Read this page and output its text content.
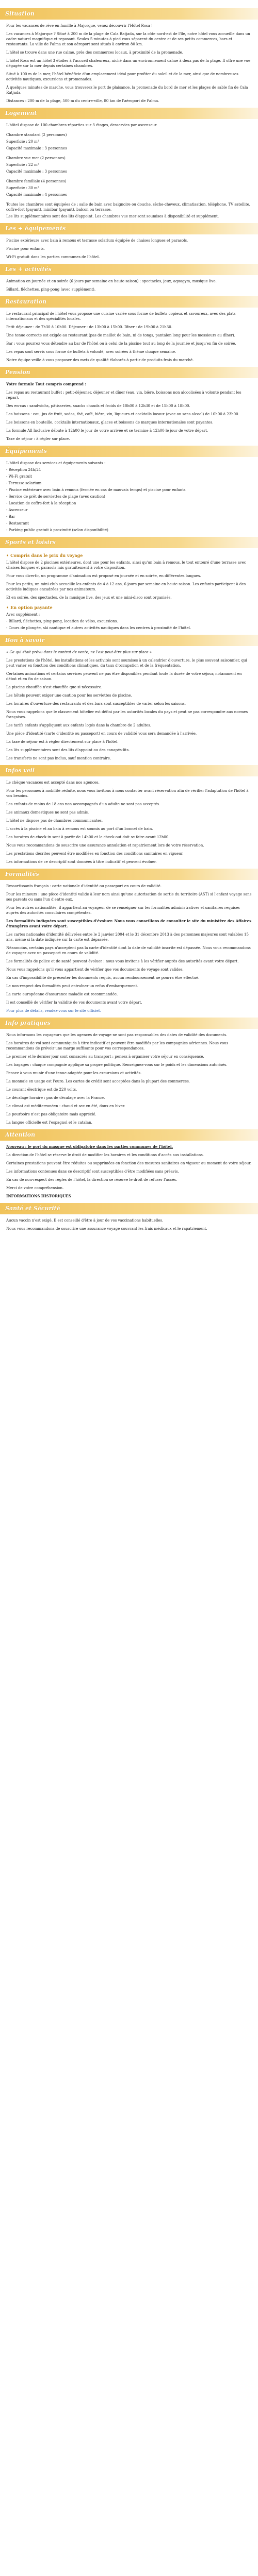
Situation

Pour les vacances de rêve en famille à Majorque, venez découvrir l'Hôtel Rosa !

Les vacances à Majorque ? Situé à 200 m de la plage de Cala Ratjada, sur la côte nord-est de l'île, notre hôtel vous accueille dans un cadre naturel magnifique et reposant. Seules 5 minutes à pied vous séparent du centre et de ses petits commerces, bars et restaurants. La ville de Palma et son aéroport sont situés à environ 80 km.

L'hôtel se trouve dans une rue calme, près des commerces locaux, à proximité de la promenade.

L'hôtel Rosa est un hôtel 3 étoiles à l'accueil chaleureux, niché dans un environnement calme à deux pas de la plage. Il offre une vue dégagée sur la mer depuis certaines chambres.

Situé à 100 m de la mer, l'hôtel bénéficie d'un emplacement idéal pour profiter du soleil et de la mer, ainsi que de nombreuses activités nautiques, excursions et promenades.

À quelques minutes de marche, vous trouverez le port de plaisance, la promenade du bord de mer et les plages de sable fin de Cala Ratjada.

Distances : 200 m de la plage, 500 m du centre-ville, 80 km de l'aéroport de Palma.

Logement

L'hôtel dispose de 100 chambres réparties sur 3 étages, desservies par ascenseur.

Chambre standard (2 personnes)

Superficie : 20 m²

Capacité maximale : 3 personnes

Chambre vue mer (2 personnes)

Superficie : 22 m²

Capacité maximale : 3 personnes

Chambre familiale (4 personnes)

Superficie : 30 m²

Capacité maximale : 4 personnes

Toutes les chambres sont équipées de : salle de bain avec baignoire ou douche, sèche-cheveux, climatisation, téléphone, TV satellite, coffre-fort (payant), minibar (payant), balcon ou terrasse.

Les lits supplémentaires sont des lits d'appoint. Les chambres vue mer sont soumises à disponibilité et supplément.

Les + équipements

Piscine extérieure avec bain à remous et terrasse solarium équipée de chaises longues et parasols.

Piscine pour enfants.

Wi-Fi gratuit dans les parties communes de l'hôtel.

Les + activités

Animation en journée et en soirée (6 jours par semaine en haute saison) : spectacles, jeux, aquagym, musique live.

Billard, fléchettes, ping-pong (avec supplément).

Restauration

Le restaurant principal de l'hôtel vous propose une cuisine variée sous forme de buffets copieux et savoureux, avec des plats internationaux et des spécialités locales.

Petit déjeuner : de 7h30 à 10h00. Déjeuner : de 13h00 à 15h00. Dîner : de 19h00 à 21h30.

Une tenue correcte est exigée au restaurant (pas de maillot de bain, ni de tongs, pantalon long pour les messieurs au dîner).

Bar : vous pourrez vous détendre au bar de l'hôtel ou à celui de la piscine tout au long de la journée et jusqu'en fin de soirée.

Les repas sont servis sous forme de buffets à volonté, avec soirées à thème chaque semaine.

Notre équipe veille à vous proposer des mets de qualité élaborés à partir de produits frais du marché.

Pension

Votre formule Tout compris comprend :

Les repas au restaurant buffet : petit-déjeuner, déjeuner et dîner (eau, vin, bière, boissons non alcoolisées à volonté pendant les repas).

Des en-cas : sandwichs, pâtisseries, snacks chauds et froids de 10h00 à 12h30 et de 15h00 à 18h00.

Les boissons : eau, jus de fruit, sodas, thé, café, bière, vin, liqueurs et cocktails locaux (avec ou sans alcool) de 10h00 à 23h00.

Les boissons en bouteille, cocktails internationaux, glaces et boissons de marques internationales sont payantes.

La formule All Inclusive débute à 12h00 le jour de votre arrivée et se termine à 12h00 le jour de votre départ.

Taxe de séjour : à régler sur place.

Équipements

L'hôtel dispose des services et équipements suivants :

- Réception 24h/24

- Wi-Fi gratuit

- Terrasse solarium

- Piscine extérieure avec bain à remous (fermée en cas de mauvais temps) et piscine pour enfants

- Service de prêt de serviettes de plage (avec caution)

- Location de coffre-fort à la réception

- Ascenseur

- Bar

- Restaurant

- Parking public gratuit à proximité (selon disponibilité)

Sports et loisirs
• Compris dans le prix du voyage

L'hôtel dispose de 2 piscines extérieures, dont une pour les enfants, ainsi qu'un bain à remous, le tout entouré d'une terrasse avec chaises longues et parasols mis gratuitement à votre disposition.

Pour vous divertir, un programme d'animation est proposé en journée et en soirée, en différentes langues.

Pour les petits, un mini-club accueille les enfants de 4 à 12 ans, 6 jours par semaine en haute saison. Les enfants participent à des activités ludiques encadrées par nos animateurs.

Et en soirée, des spectacles, de la musique live, des jeux et une mini-disco sont organisés.

• En option payante

Avec supplément :

- Billard, fléchettes, ping-pong, location de vélos, excursions.

- Cours de plongée, ski nautique et autres activités nautiques dans les centres à proximité de l'hôtel.

Bon à savoir

« Ce qui était prévu dans le contrat de vente, ne l'est peut-être plus sur place »

Les prestations de l'hôtel, les installations et les activités sont soumises à un calendrier d'ouverture, le plus souvent saisonnier, qui peut varier en fonction des conditions climatiques, du taux d'occupation et de la fréquentation.

Certaines animations et certains services peuvent ne pas être disponibles pendant toute la durée de votre séjour, notamment en début et en fin de saison.

La piscine chauffée n'est chauffée que si nécessaire.

Les hôtels peuvent exiger une caution pour les serviettes de piscine.

Les horaires d'ouverture des restaurants et des bars sont susceptibles de varier selon les saisons.

Nous vous rappelons que le classement hôtelier est défini par les autorités locales du pays et peut ne pas correspondre aux normes françaises.

Les tarifs enfants s'appliquent aux enfants logés dans la chambre de 2 adultes.

Une pièce d'identité (carte d'identité ou passeport) en cours de validité vous sera demandée à l'arrivée.

La taxe de séjour est à régler directement sur place à l'hôtel.

Les lits supplémentaires sont des lits d'appoint ou des canapés-lits.

Les transferts ne sont pas inclus, sauf mention contraire.

Infos veil

Le chèque vacances est accepté dans nos agences.

Pour les personnes à mobilité réduite, nous vous invitons à nous contacter avant réservation afin de vérifier l'adaptation de l'hôtel à vos besoins.

Les enfants de moins de 18 ans non accompagnés d'un adulte ne sont pas acceptés.

Les animaux domestiques ne sont pas admis.

L'hôtel ne dispose pas de chambres communicantes.

L'accès à la piscine et au bain à remous est soumis au port d'un bonnet de bain.

Les horaires de check-in sont à partir de 14h00 et le check-out doit se faire avant 12h00.

Nous vous recommandons de souscrire une assurance annulation et rapatriement lors de votre réservation.

Les prestations décrites peuvent être modifiées en fonction des conditions sanitaires en vigueur.

Les informations de ce descriptif sont données à titre indicatif et peuvent évoluer.

Formalités

Ressortissants français : carte nationale d'identité ou passeport en cours de validité.

Pour les mineurs : une pièce d'identité valide à leur nom ainsi qu'une autorisation de sortie du territoire (AST) si l'enfant voyage sans ses parents ou sans l'un d'entre eux.

Pour les autres nationalités, il appartient au voyageur de se renseigner sur les formalités administratives et sanitaires requises auprès des autorités consulaires compétentes.

Les formalités indiquées sont susceptibles d'évoluer. Nous vous conseillons de consulter le site du ministère des Affaires étrangères avant votre départ.

Les cartes nationales d'identité délivrées entre le 2 janvier 2004 et le 31 décembre 2013 à des personnes majeures sont valables 15 ans, même si la date indiquée sur la carte est dépassée.

Néanmoins, certains pays n'acceptent pas la carte d'identité dont la date de validité inscrite est dépassée. Nous vous recommandons de voyager avec un passeport en cours de validité.

Les formalités de police et de santé peuvent évoluer : nous vous invitons à les vérifier auprès des autorités avant votre départ.

Nous vous rappelons qu'il vous appartient de vérifier que vos documents de voyage sont valides.

En cas d'impossibilité de présenter les documents requis, aucun remboursement ne pourra être effectué.

Le non-respect des formalités peut entraîner un refus d'embarquement.

La carte européenne d'assurance maladie est recommandée.

Il est conseillé de vérifier la validité de vos documents avant votre départ.

Pour plus de détails, rendez-vous sur le site officiel.

Info pratiques

Nous informons les voyageurs que les agences de voyage ne sont pas responsables des dates de validité des documents.

Les horaires de vol sont communiqués à titre indicatif et peuvent être modifiés par les compagnies aériennes. Nous vous recommandons de prévoir une marge suffisante pour vos correspondances.

Le premier et le dernier jour sont consacrés au transport : pensez à organiser votre séjour en conséquence.

Les bagages : chaque compagnie applique sa propre politique. Renseignez-vous sur le poids et les dimensions autorisés.

Pensez à vous munir d'une tenue adaptée pour les excursions et activités.

La monnaie en usage est l'euro. Les cartes de crédit sont acceptées dans la plupart des commerces.

Le courant électrique est de 220 volts.

Le décalage horaire : pas de décalage avec la France.

Le climat est méditerranéen : chaud et sec en été, doux en hiver.

Le pourboire n'est pas obligatoire mais apprécié.

La langue officielle est l'espagnol et le catalan.

Attention

Nouveau : le port du masque est obligatoire dans les parties communes de l'hôtel.

La direction de l'hôtel se réserve le droit de modifier les horaires et les conditions d'accès aux installations.

Certaines prestations peuvent être réduites ou supprimées en fonction des mesures sanitaires en vigueur au moment de votre séjour.

Les informations contenues dans ce descriptif sont susceptibles d'être modifiées sans préavis.

En cas de non-respect des règles de l'hôtel, la direction se réserve le droit de refuser l'accès.

Merci de votre compréhension.

INFORMATIONS HISTORIQUES

Santé et Sécurité

Aucun vaccin n'est exigé. Il est conseillé d'être à jour de vos vaccinations habituelles.

Nous vous recommandons de souscrire une assurance voyage couvrant les frais médicaux et le rapatriement.
